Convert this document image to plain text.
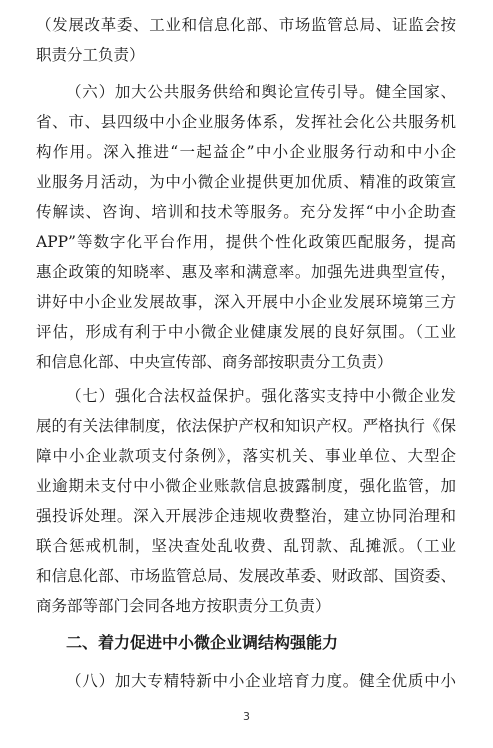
（发展改革委、工业和信息化部、市场监管总局、证监会按
职责分工负责）
（六）加大公共服务供给和舆论宣传引导。健全国家、
省、市、县四级中小企业服务体系，发挥社会化公共服务机
构作用。深入推进“一起益企”中小企业服务行动和中小企
业服务月活动，为中小微企业提供更加优质、精准的政策宣
传解读、咨询、培训和技术等服务。充分发挥“中小企助查
APP”等数字化平台作用，提供个性化政策匹配服务，提高
惠企政策的知晓率、惠及率和满意率。加强先进典型宣传，
讲好中小企业发展故事，深入开展中小企业发展环境第三方
评估，形成有利于中小微企业健康发展的良好氛围。（工业
和信息化部、中央宣传部、商务部按职责分工负责）
（七）强化合法权益保护。强化落实支持中小微企业发
展的有关法律制度，依法保护产权和知识产权。严格执行《保
障中小企业款项支付条例》，落实机关、事业单位、大型企
业逾期未支付中小微企业账款信息披露制度，强化监管，加
强投诉处理。深入开展涉企违规收费整治，建立协同治理和
联合惩戒机制，坚决查处乱收费、乱罚款、乱摊派。（工业
和信息化部、市场监管总局、发展改革委、财政部、国资委、
商务部等部门会同各地方按职责分工负责）
二、着力促进中小微企业调结构强能力
（八）加大专精特新中小企业培育力度。健全优质中小
3
